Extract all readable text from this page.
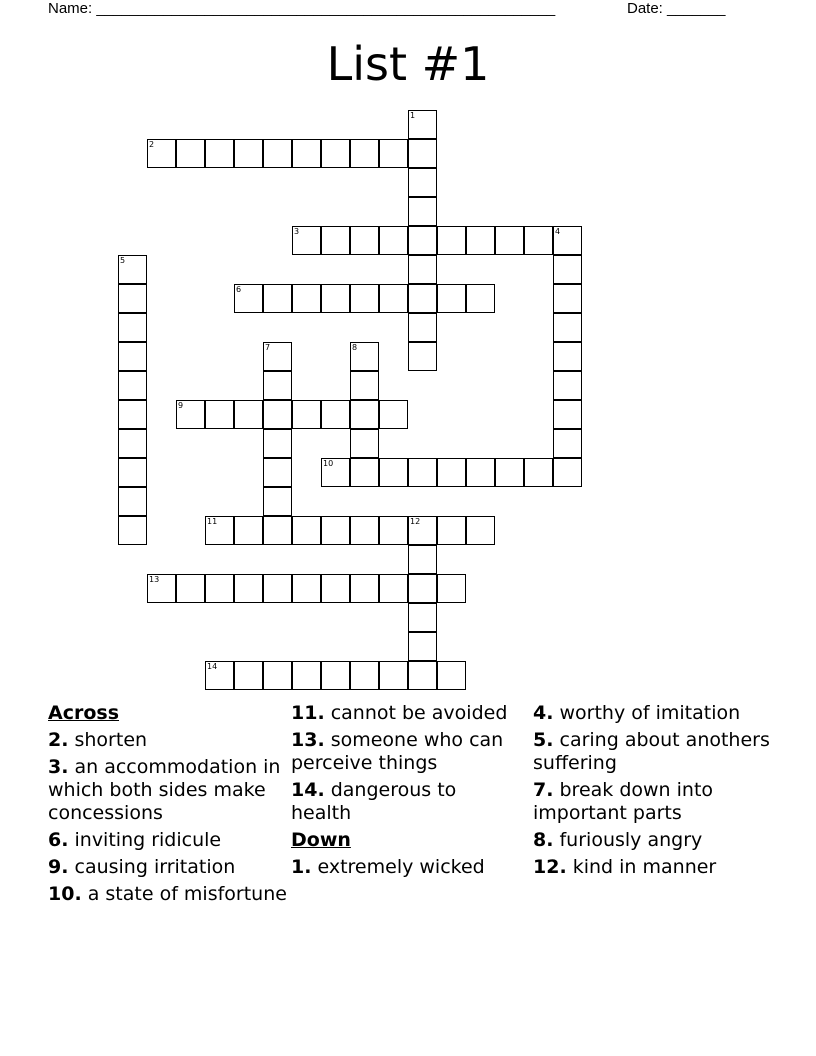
Name: _______________________________________________________	Date: _______
List #1
1
2
3	4
5
6
7	8
9
10
11	12
13
14
Across
2. shorten
3. an accommodation in which both sides make concessions
6. inviting ridicule
9. causing irritation
10. a state of misfortune
11. cannot be avoided
13. someone who can perceive things
14. dangerous to health
Down
1. extremely wicked
4. worthy of imitation
5. caring about anothers suffering
7. break down into important parts
8. furiously angry
12. kind in manner
